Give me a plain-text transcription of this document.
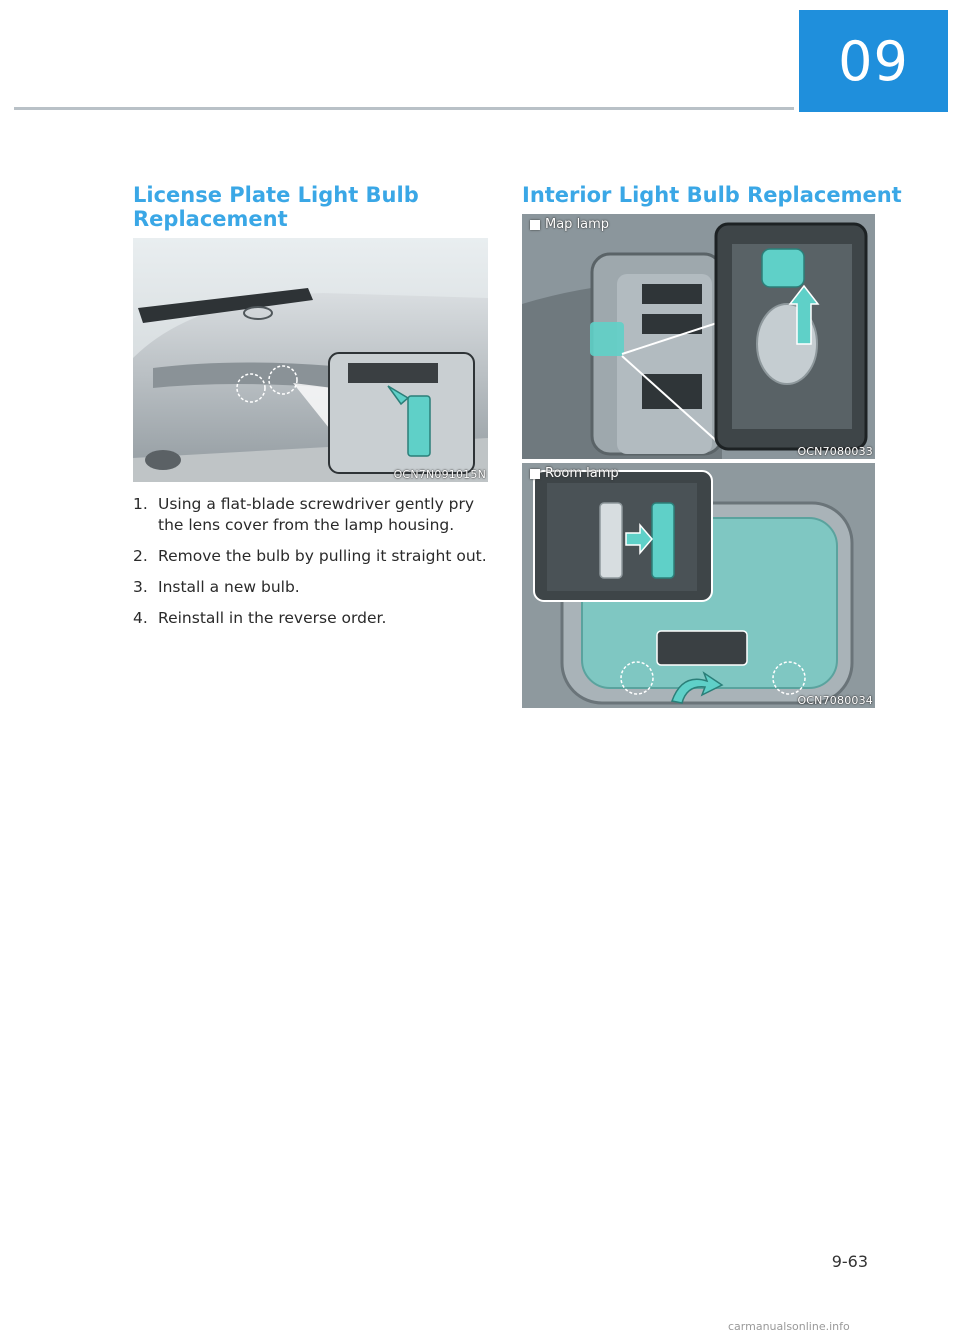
09
License Plate Light Bulb
Replacement
OCN7N091015N
1. Using a flat-blade screwdriver gently pry the lens cover from the lamp housing.
2. Remove the bulb by pulling it straight out.
3. Install a new bulb.
4. Reinstall in the reverse order.
Interior Light Bulb Replacement
Map lamp
OCN7080033
Room lamp
OCN7080034
9-63
carmanualsonline.info
